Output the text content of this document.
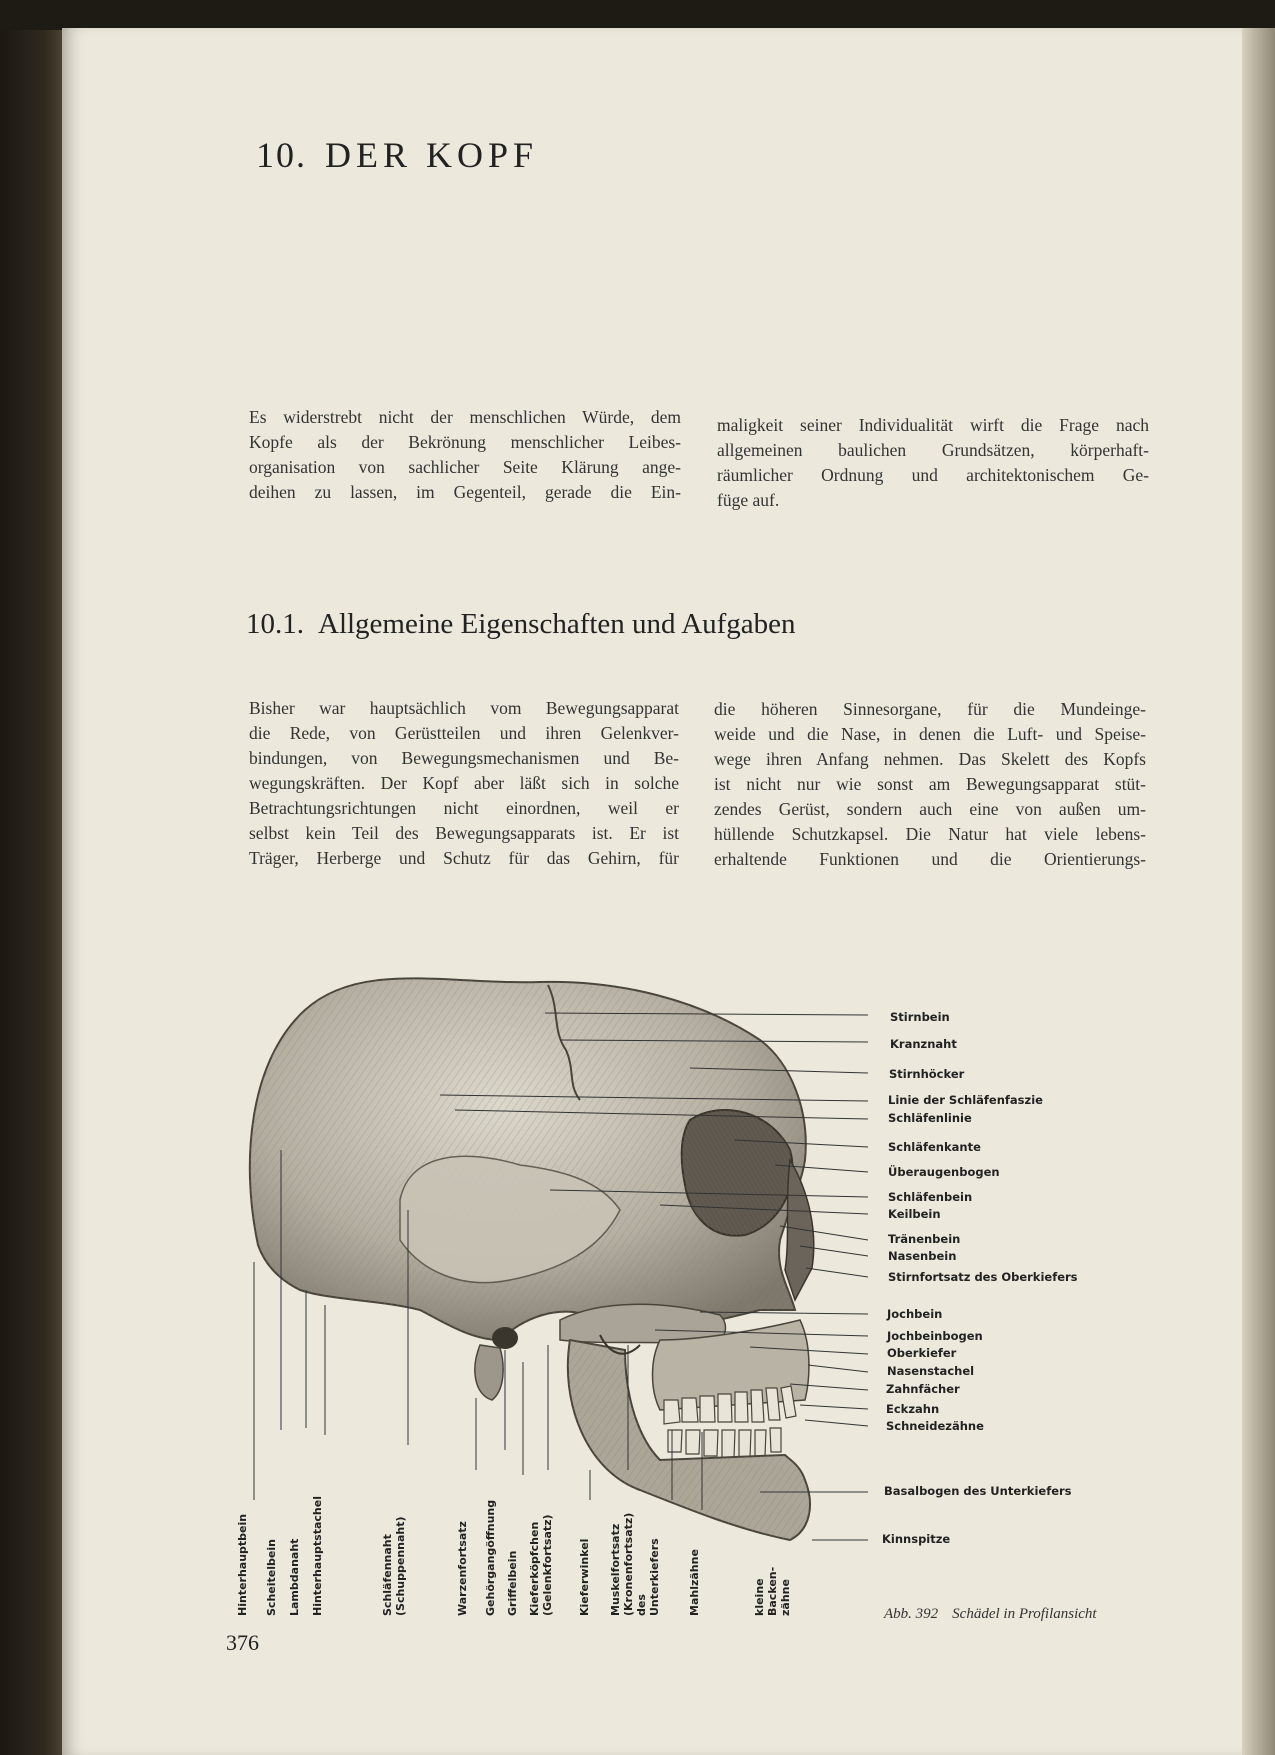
10. DER KOPF
Es widerstrebt nicht der menschlichen Würde, dem
Kopfe als der Bekrönung menschlicher Leibes-
organisation von sachlicher Seite Klärung ange-
deihen zu lassen, im Gegenteil, gerade die Ein-
maligkeit seiner Individualität wirft die Frage nach
allgemeinen baulichen Grundsätzen, körperhaft-
räumlicher Ordnung und architektonischem Ge-
füge auf.
10.1. Allgemeine Eigenschaften und Aufgaben
Bisher war hauptsächlich vom Bewegungsapparat
die Rede, von Gerüstteilen und ihren Gelenkver-
bindungen, von Bewegungsmechanismen und Be-
wegungskräften. Der Kopf aber läßt sich in solche
Betrachtungsrichtungen nicht einordnen, weil er
selbst kein Teil des Bewegungsapparats ist. Er ist
Träger, Herberge und Schutz für das Gehirn, für
die höheren Sinnesorgane, für die Mundeinge-
weide und die Nase, in denen die Luft- und Speise-
wege ihren Anfang nehmen. Das Skelett des Kopfs
ist nicht nur wie sonst am Bewegungsapparat stüt-
zendes Gerüst, sondern auch eine von außen um-
hüllende Schutzkapsel. Die Natur hat viele lebens-
erhaltende Funktionen und die Orientierungs-
Stirnbein
Kranznaht
Stirnhöcker
Linie der Schläfenfaszie
Schläfenlinie
Schläfenkante
Überaugenbogen
Schläfenbein
Keilbein
Tränenbein
Nasenbein
Stirnfortsatz des Oberkiefers
Jochbein
Jochbeinbogen
Oberkiefer
Nasenstachel
Zahnfächer
Eckzahn
Schneidezähne
Basalbogen des Unterkiefers
Kinnspitze
Hinterhauptbein Scheitelbein Lambdanaht Hinterhauptstachel	Schläfennaht
(Schuppennaht)	Warzenfortsatz Gehörgangöffnung Griffelbein Kieferköpfchen
(Gelenkfortsatz) Kieferwinkel Muskelfortsatz
(Kronenfortsatz)
des
Unterkiefers Mahlzähne	kleine
Backen-
zähne
376
Abb. 392 Schädel in Profilansicht
